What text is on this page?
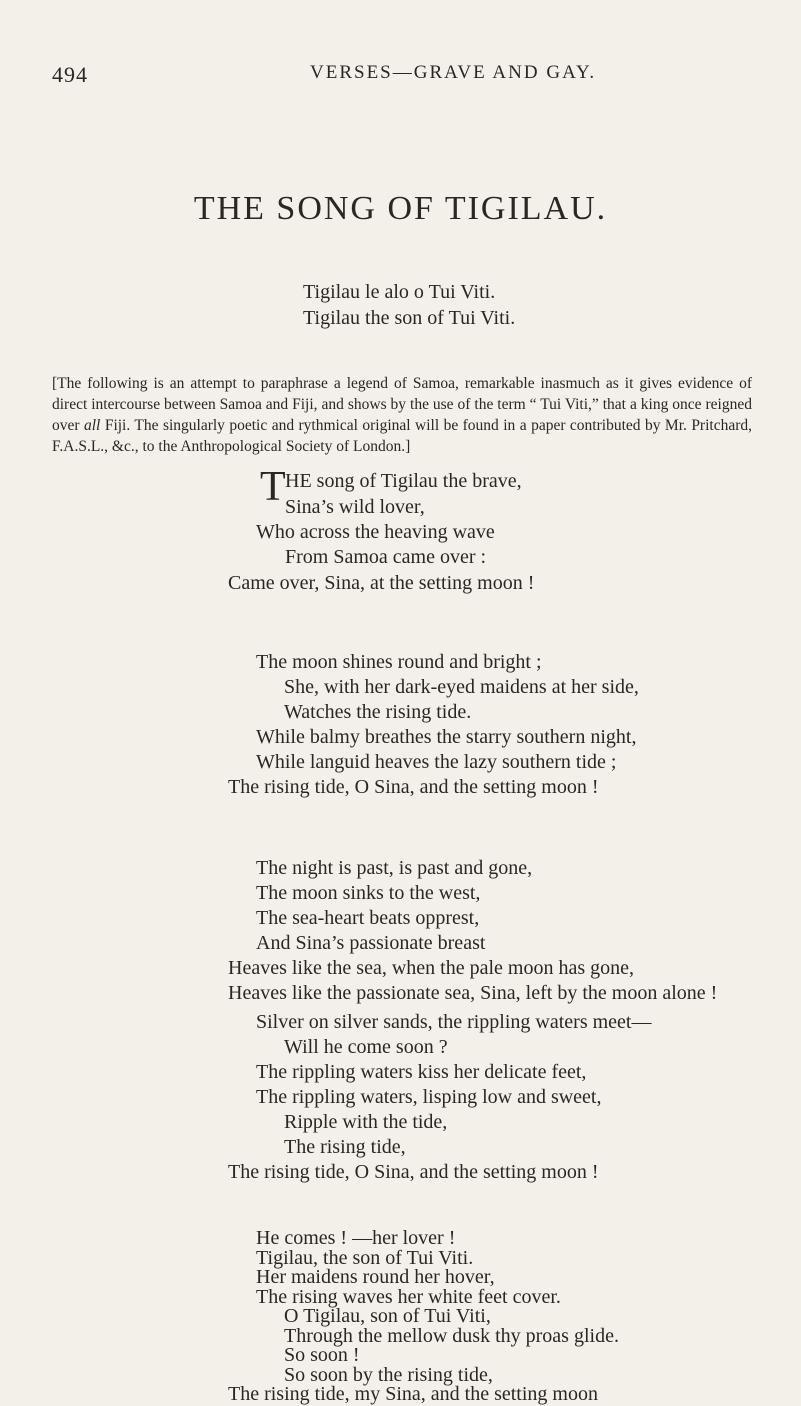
494	VERSES—GRAVE AND GAY.
THE SONG OF TIGILAU.
Tigilau le alo o Tui Viti.
Tigilau the son of Tui Viti.
[The following is an attempt to paraphrase a legend of Samoa, remarkable inasmuch as it gives evidence of direct intercourse between Samoa and Fiji, and shows by the use of the term “ Tui Viti,” that a king once reigned over all Fiji. The singularly poetic and rythmical original will be found in a paper contributed by Mr. Pritchard, F.A.S.L., &c., to the Anthropological Society of London.]
T HE song of Tigilau the brave,
Sina’s wild lover,
Who across the heaving wave
From Samoa came over :
Came over, Sina, at the setting moon !
The moon shines round and bright ;
She, with her dark-eyed maidens at her side,
Watches the rising tide.
While balmy breathes the starry southern night,
While languid heaves the lazy southern tide ;
The rising tide, O Sina, and the setting moon !
The night is past, is past and gone,
The moon sinks to the west,
The sea-heart beats opprest,
And Sina’s passionate breast
Heaves like the sea, when the pale moon has gone,
Heaves like the passionate sea, Sina, left by the moon alone !
Silver on silver sands, the rippling waters meet—
Will he come soon ?
The rippling waters kiss her delicate feet,
The rippling waters, lisping low and sweet,
Ripple with the tide,
The rising tide,
The rising tide, O Sina, and the setting moon !
He comes ! —her lover !
Tigilau, the son of Tui Viti.
Her maidens round her hover,
The rising waves her white feet cover.
O Tigilau, son of Tui Viti,
Through the mellow dusk thy proas glide.
So soon !
So soon by the rising tide,
The rising tide, my Sina, and the setting moon
